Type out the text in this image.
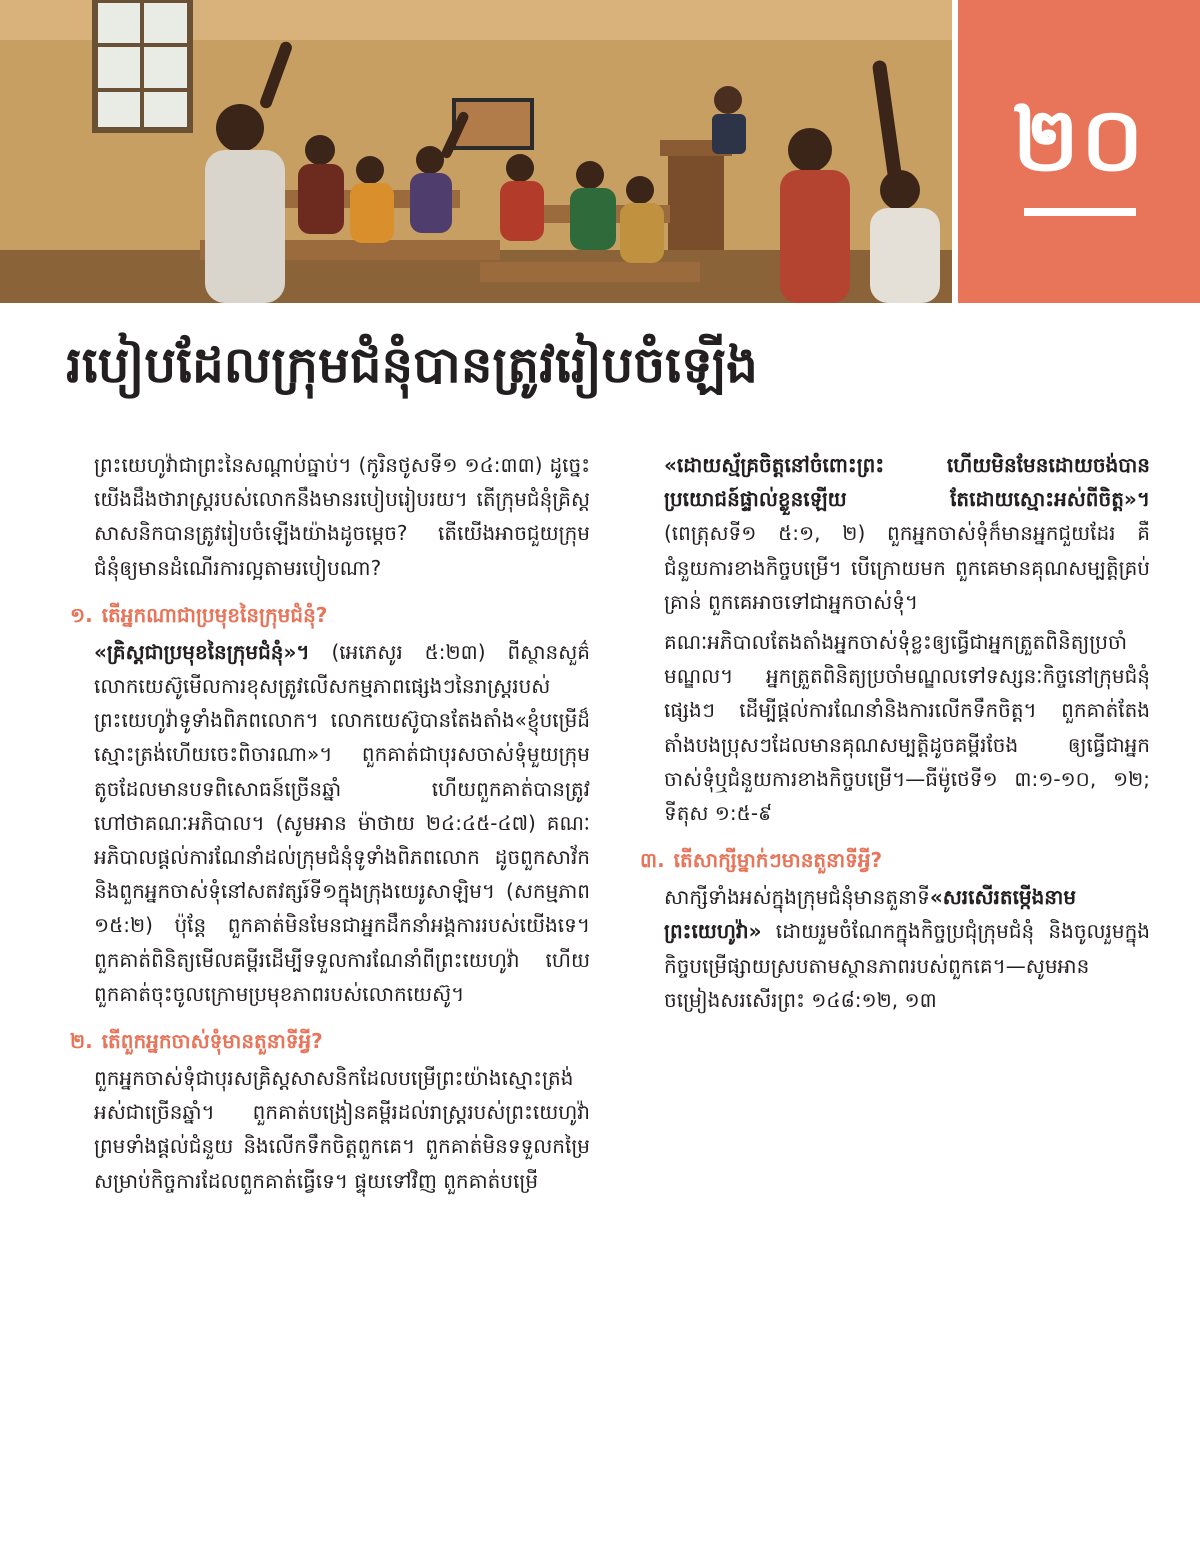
២០
របៀបដែលក្រុមជំនុំបានត្រូវរៀបចំឡើង

ព្រះយេហូវ៉ាជាព្រះនៃសណ្ដាប់ធ្នាប់។ (កូរិនថូសទី១ ១៤:៣៣) ដូច្នេះ យើងដឹងថារាស្ត្ររបស់លោកនឹងមានរបៀបរៀបរយ។ តើក្រុមជំនុំគ្រិស្តសាសនិកបានត្រូវរៀបចំឡើងយ៉ាងដូចម្ដេច? តើយើងអាចជួយក្រុមជំនុំឲ្យមានដំណើរការល្អតាមរបៀបណា?

១. តើអ្នកណាជាប្រមុខនៃក្រុមជំនុំ?

«គ្រិស្តជាប្រមុខនៃក្រុមជំនុំ»។ (អេភេសូរ ៥:២៣) ពីស្ថានសួគ៌ លោកយេស៊ូមើលការខុសត្រូវលើសកម្មភាពផ្សេងៗនៃរាស្ត្ររបស់ព្រះយេហូវ៉ាទូទាំងពិភពលោក។ លោកយេស៊ូបានតែងតាំង«ខ្ញុំបម្រើដ៏ស្មោះត្រង់ហើយចេះពិចារណា»។ ពួកគាត់ជាបុរសចាស់ទុំមួយក្រុមតូចដែលមានបទពិសោធន៍ច្រើនឆ្នាំ ហើយពួកគាត់បានត្រូវហៅថាគណៈអភិបាល។ (សូមអាន ម៉ាថាយ ២៤:៤៥-៤៧) គណៈអភិបាលផ្ដល់ការណែនាំដល់ក្រុមជំនុំទូទាំងពិភពលោក ដូចពួកសាវ័កនិងពួកអ្នកចាស់ទុំនៅសតវត្សរ៍ទី១ក្នុងក្រុងយេរូសាឡិម។ (សកម្មភាព ១៥:២) ប៉ុន្តែ ពួកគាត់មិនមែនជាអ្នកដឹកនាំអង្គការរបស់យើងទេ។ ពួកគាត់ពិនិត្យមើលគម្ពីរដើម្បីទទួលការណែនាំពីព្រះយេហូវ៉ា ហើយពួកគាត់ចុះចូលក្រោមប្រមុខភាពរបស់លោកយេស៊ូ។

២. តើពួកអ្នកចាស់ទុំមានតួនាទីអ្វី?

ពួកអ្នកចាស់ទុំជាបុរសគ្រិស្តសាសនិកដែលបម្រើព្រះយ៉ាងស្មោះត្រង់អស់ជាច្រើនឆ្នាំ។ ពួកគាត់បង្រៀនគម្ពីរដល់រាស្ត្ររបស់ព្រះយេហូវ៉ា ព្រមទាំងផ្ដល់ជំនួយ និងលើកទឹកចិត្តពួកគេ។ ពួកគាត់មិនទទួលកម្រៃសម្រាប់កិច្ចការដែលពួកគាត់ធ្វើទេ។ ផ្ទុយទៅវិញ ពួកគាត់បម្រើ

«ដោយស្ម័គ្រចិត្តនៅចំពោះព្រះ ហើយមិនមែនដោយចង់បានប្រយោជន៍ផ្ទាល់ខ្លួនឡើយ តែដោយស្មោះអស់ពីចិត្ត»។ (ពេត្រុសទី១ ៥:១, ២) ពួកអ្នកចាស់ទុំក៏មានអ្នកជួយដែរ គឺជំនួយការខាងកិច្ចបម្រើ។ បើក្រោយមក ពួកគេមានគុណសម្បត្តិគ្រប់គ្រាន់ ពួកគេអាចទៅជាអ្នកចាស់ទុំ។

គណៈអភិបាលតែងតាំងអ្នកចាស់ទុំខ្លះឲ្យធ្វើជាអ្នកត្រួតពិនិត្យប្រចាំមណ្ឌល។ អ្នកត្រួតពិនិត្យប្រចាំមណ្ឌលទៅទស្សនៈកិច្ចនៅក្រុមជំនុំផ្សេងៗ ដើម្បីផ្ដល់ការណែនាំនិងការលើកទឹកចិត្ត។ ពួកគាត់តែងតាំងបងប្រុសៗដែលមានគុណសម្បត្តិដូចគម្ពីរចែង ឲ្យធ្វើជាអ្នកចាស់ទុំឬជំនួយការខាងកិច្ចបម្រើ។—ធីម៉ូថេទី១ ៣:១-១០, ១២; ទីតុស ១:៥-៩

៣. តើសាក្សីម្នាក់ៗមានតួនាទីអ្វី?

សាក្សីទាំងអស់ក្នុងក្រុមជំនុំមានតួនាទី«សរសើរតម្កើងនាមព្រះយេហូវ៉ា» ដោយរួមចំណែកក្នុងកិច្ចប្រជុំក្រុមជំនុំ និងចូលរួមក្នុងកិច្ចបម្រើផ្សាយស្របតាមស្ថានភាពរបស់ពួកគេ។—សូមអាន ចម្រៀងសរសើរព្រះ ១៤៨:១២, ១៣
